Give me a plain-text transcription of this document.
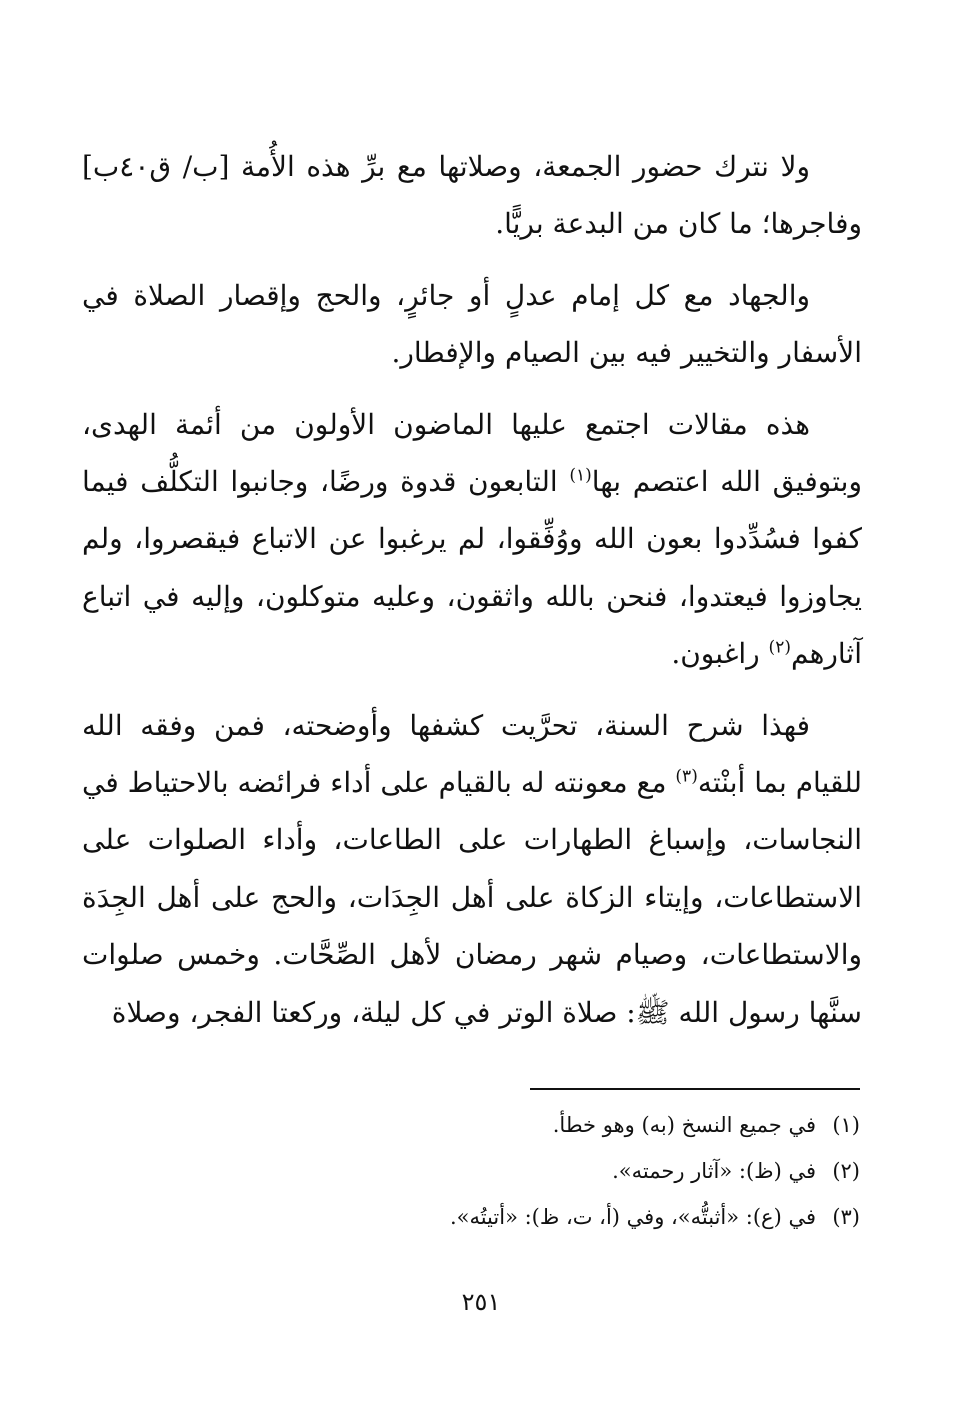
ولا نترك حضور الجمعة، وصلاتها مع برِّ هذه الأُمة [ب/ ق٤٠ب] وفاجرها؛ ما كان من البدعة بريًّا.

والجهاد مع كل إمام عدلٍ أو جائرٍ، والحج وإقصار الصلاة في الأسفار والتخيير فيه بين الصيام والإفطار.

هذه مقالات اجتمع عليها الماضون الأولون من أئمة الهدى، وبتوفيق الله اعتصم بها$^{(١)}$ التابعون قدوة ورضًا، وجانبوا التكلُّف فيما كفوا فسُدِّدوا بعون الله ووُفِّقوا، لم يرغبوا عن الاتباع فيقصروا، ولم يجاوزوا فيعتدوا، فنحن بالله واثقون، وعليه متوكلون، وإليه في اتباع آثارهم$^{(٢)}$ راغبون.

فهذا شرح السنة، تحرَّيت كشفها وأوضحته، فمن وفقه الله للقيام بما أبنْته$^{(٣)}$ مع معونته له بالقيام على أداء فرائضه بالاحتياط في النجاسات، وإسباغ الطهارات على الطاعات، وأداء الصلوات على الاستطاعات، وإيتاء الزكاة على أهل الجِدَات، والحج على أهل الجِدَة والاستطاعات، وصيام شهر رمضان لأهل الصِّحَّات. وخمس صلوات سنَّها رسول الله ﷺ: صلاة الوتر في كل ليلة، وركعتا الفجر، وصلاة

(١)في جميع النسخ (به) وهو خطأ.
(٢)في (ظ): «آثار رحمته».
(٣)في (ع): «أثبتُّه»، وفي (أ، ت، ظ): «أتيتُه».
٢٥١
